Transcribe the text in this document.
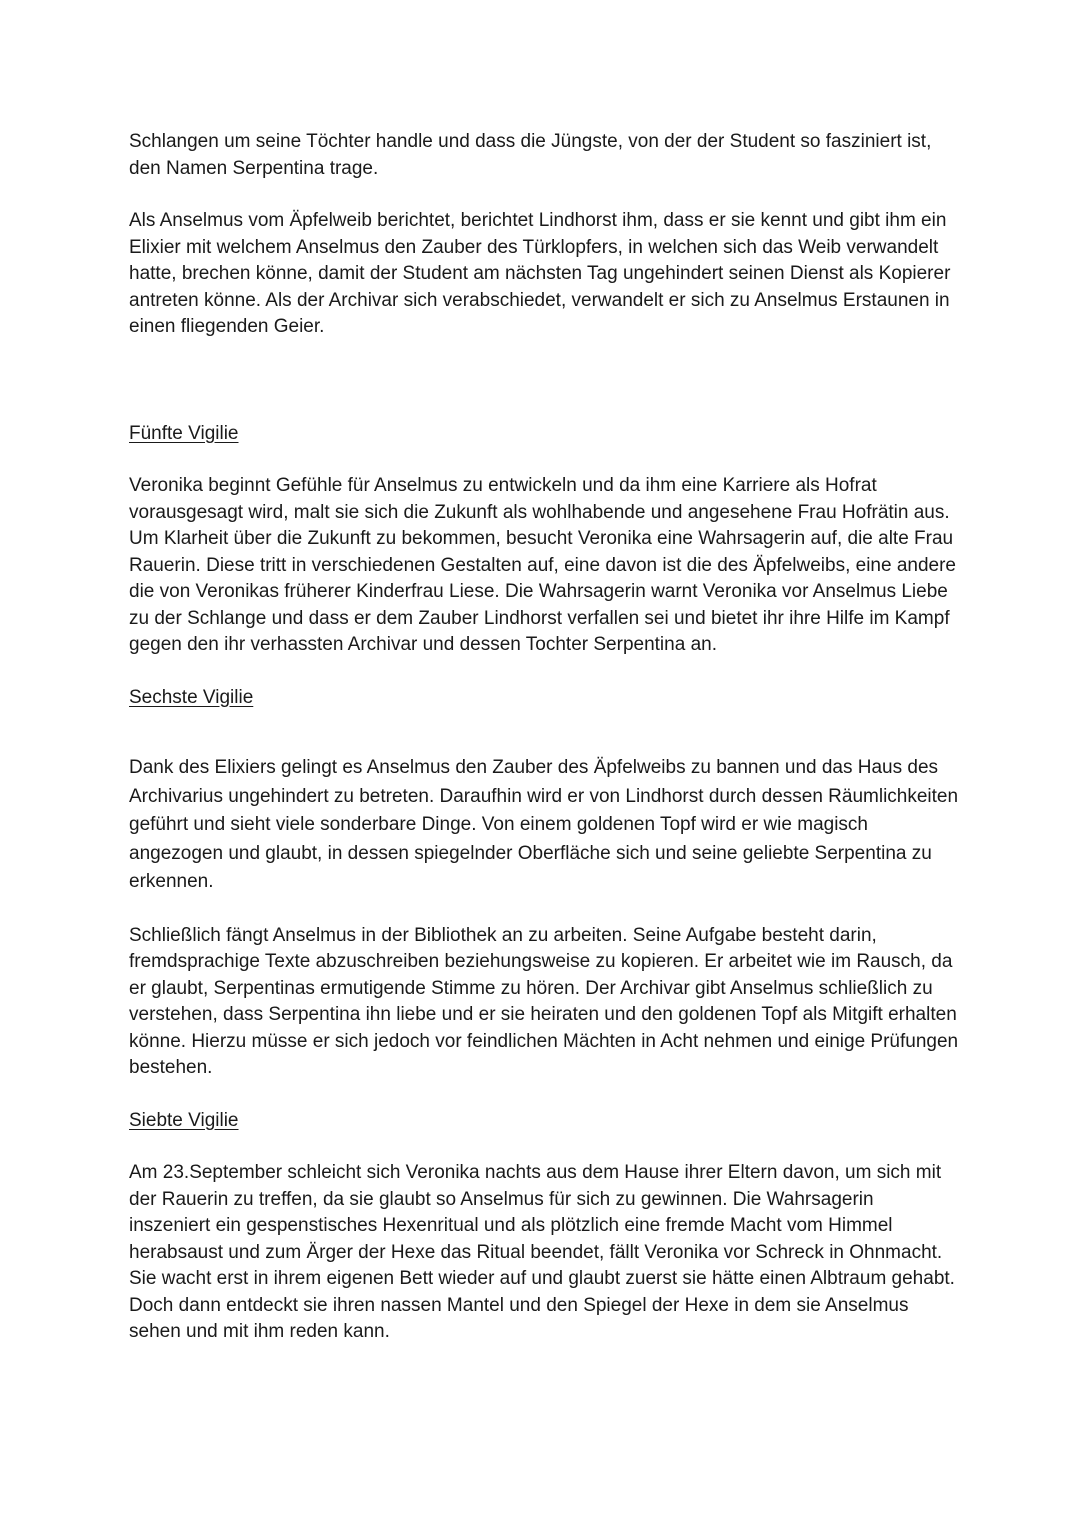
Schlangen um seine Töchter handle und dass die Jüngste, von der der Student so fasziniert ist, den Namen Serpentina trage.

Als Anselmus vom Äpfelweib berichtet, berichtet Lindhorst ihm, dass er sie kennt und gibt ihm ein Elixier mit welchem Anselmus den Zauber des Türklopfers, in welchen sich das Weib verwandelt hatte, brechen könne, damit der Student am nächsten Tag ungehindert seinen Dienst als Kopierer antreten könne. Als der Archivar sich verabschiedet, verwandelt er sich zu Anselmus Erstaunen in einen fliegenden Geier.

Fünfte Vigilie

Veronika beginnt Gefühle für Anselmus zu entwickeln und da ihm eine Karriere als Hofrat vorausgesagt wird, malt sie sich die Zukunft als wohlhabende und angesehene Frau Hofrätin aus. Um Klarheit über die Zukunft zu bekommen, besucht Veronika eine Wahrsagerin auf, die alte Frau Rauerin. Diese tritt in verschiedenen Gestalten auf, eine davon ist die des Äpfelweibs, eine andere die von Veronikas früherer Kinderfrau Liese. Die Wahrsagerin warnt Veronika vor Anselmus Liebe zu der Schlange und dass er dem Zauber Lindhorst verfallen sei und bietet ihr ihre Hilfe im Kampf gegen den ihr verhassten Archivar und dessen Tochter Serpentina an.

Sechste Vigilie

Dank des Elixiers gelingt es Anselmus den Zauber des Äpfelweibs zu bannen und das Haus des Archivarius ungehindert zu betreten. Daraufhin wird er von Lindhorst durch dessen Räumlichkeiten geführt und sieht viele sonderbare Dinge. Von einem goldenen Topf wird er wie magisch angezogen und glaubt, in dessen spiegelnder Oberfläche sich und seine geliebte Serpentina zu erkennen.

Schließlich fängt Anselmus in der Bibliothek an zu arbeiten. Seine Aufgabe besteht darin, fremdsprachige Texte abzuschreiben beziehungsweise zu kopieren. Er arbeitet wie im Rausch, da er glaubt, Serpentinas ermutigende Stimme zu hören. Der Archivar gibt Anselmus schließlich zu verstehen, dass Serpentina ihn liebe und er sie heiraten und den goldenen Topf als Mitgift erhalten könne. Hierzu müsse er sich jedoch vor feindlichen Mächten in Acht nehmen und einige Prüfungen bestehen.

Siebte Vigilie

Am 23.September schleicht sich Veronika nachts aus dem Hause ihrer Eltern davon, um sich mit der Rauerin zu treffen, da sie glaubt so Anselmus für sich zu gewinnen. Die Wahrsagerin inszeniert ein gespenstisches Hexenritual und als plötzlich eine fremde Macht vom Himmel herabsaust und zum Ärger der Hexe das Ritual beendet, fällt Veronika vor Schreck in Ohnmacht. Sie wacht erst in ihrem eigenen Bett wieder auf und glaubt zuerst sie hätte einen Albtraum gehabt. Doch dann entdeckt sie ihren nassen Mantel und den Spiegel der Hexe in dem sie Anselmus sehen und mit ihm reden kann.
